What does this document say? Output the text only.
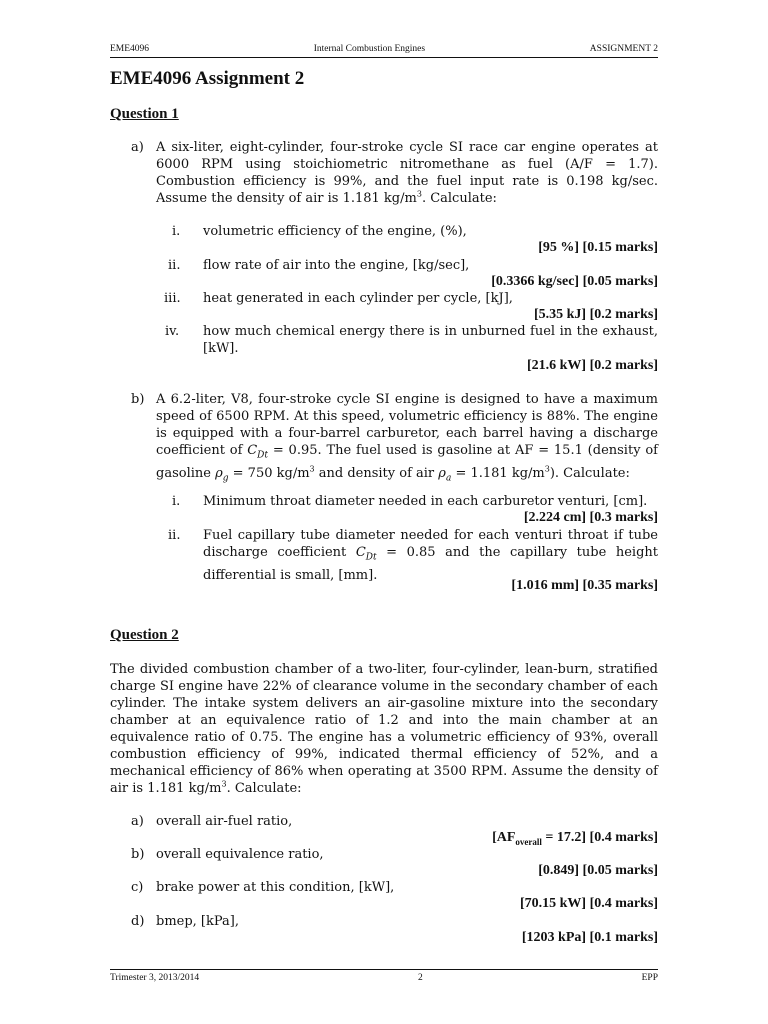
EME4096	Internal Combustion Engines	ASSIGNMENT 2
EME4096 Assignment 2
Question 1
a) A six-liter, eight-cylinder, four-stroke cycle SI race car engine operates at 6000 RPM using stoichiometric nitromethane as fuel (A/F = 1.7). Combustion efficiency is 99%, and the fuel input rate is 0.198 kg/sec. Assume the density of air is 1.181 $kg/m^3$. Calculate:
i. volumetric efficiency of the engine, (%),
[95 %] [0.15 marks]
ii. flow rate of air into the engine, [kg/sec],
[0.3366 kg/sec] [0.05 marks]
iii. heat generated in each cylinder per cycle, [kJ],
[5.35 kJ] [0.2 marks]
iv. how much chemical energy there is in unburned fuel in the exhaust, [kW].
[21.6 kW] [0.2 marks]
b) A 6.2-liter, V8, four-stroke cycle SI engine is designed to have a maximum speed of 6500 RPM. At this speed, volumetric efficiency is 88%. The engine is equipped with a four-barrel carburetor, each barrel having a discharge coefficient of $C_{Dt} = 0.95$. The fuel used is gasoline at AF = 15.1 (density of gasoline $\rho_g = 750$ $kg/m^3$ and density of air $\rho_a = 1.181$ $kg/m^3$). Calculate:
i. Minimum throat diameter needed in each carburetor venturi, [cm].
[2.224 cm] [0.3 marks]
ii. Fuel capillary tube diameter needed for each venturi throat if tube discharge coefficient $C_{Dt} = 0.85$ and the capillary tube height differential is small, [mm].
[1.016 mm] [0.35 marks]
Question 2
The divided combustion chamber of a two-liter, four-cylinder, lean-burn, stratified charge SI engine have 22% of clearance volume in the secondary chamber of each cylinder. The intake system delivers an air-gasoline mixture into the secondary chamber at an equivalence ratio of 1.2 and into the main chamber at an equivalence ratio of 0.75. The engine has a volumetric efficiency of 93%, overall combustion efficiency of 99%, indicated thermal efficiency of 52%, and a mechanical efficiency of 86% when operating at 3500 RPM. Assume the density of air is 1.181 $kg/m^3$. Calculate:
a) overall air-fuel ratio,
$[AF_{overall} = 17.2]$ [0.4 marks]
b) overall equivalence ratio,
[0.849] [0.05 marks]
c) brake power at this condition, [kW],
[70.15 kW] [0.4 marks]
d) bmep, [kPa],
[1203 kPa] [0.1 marks]
Trimester 3, 2013/2014	2	EPP
